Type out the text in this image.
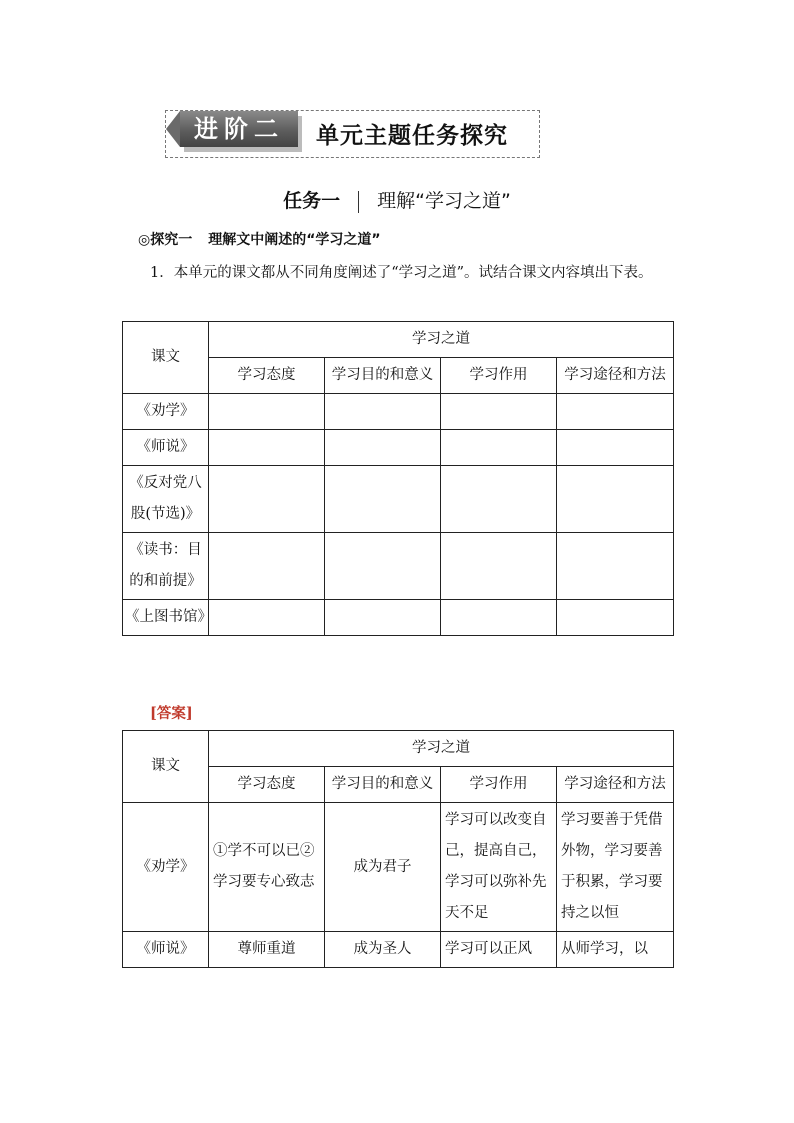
进阶二	单元主题任务探究
任务一 理解“学习之道”
◎探究一 理解文中阐述的“学习之道”
1．本单元的课文都从不同角度阐述了“学习之道”。试结合课文内容填出下表。
课文	学习之道			
	学习态度	学习目的和意义	学习作用	学习途径和方法
《劝学》				
《师说》				
《反对党八股(节选)》				
《读书：目的和前提》				
《上图书馆》				
[答案]
课文	学习之道			
	学习态度	学习目的和意义	学习作用	学习途径和方法
《劝学》	①学不可以已②学习要专心致志	成为君子	学习可以改变自己，提高自己，学习可以弥补先天不足	学习要善于凭借外物，学习要善于积累，学习要持之以恒
《师说》	尊师重道	成为圣人	学习可以正风	从师学习，以
